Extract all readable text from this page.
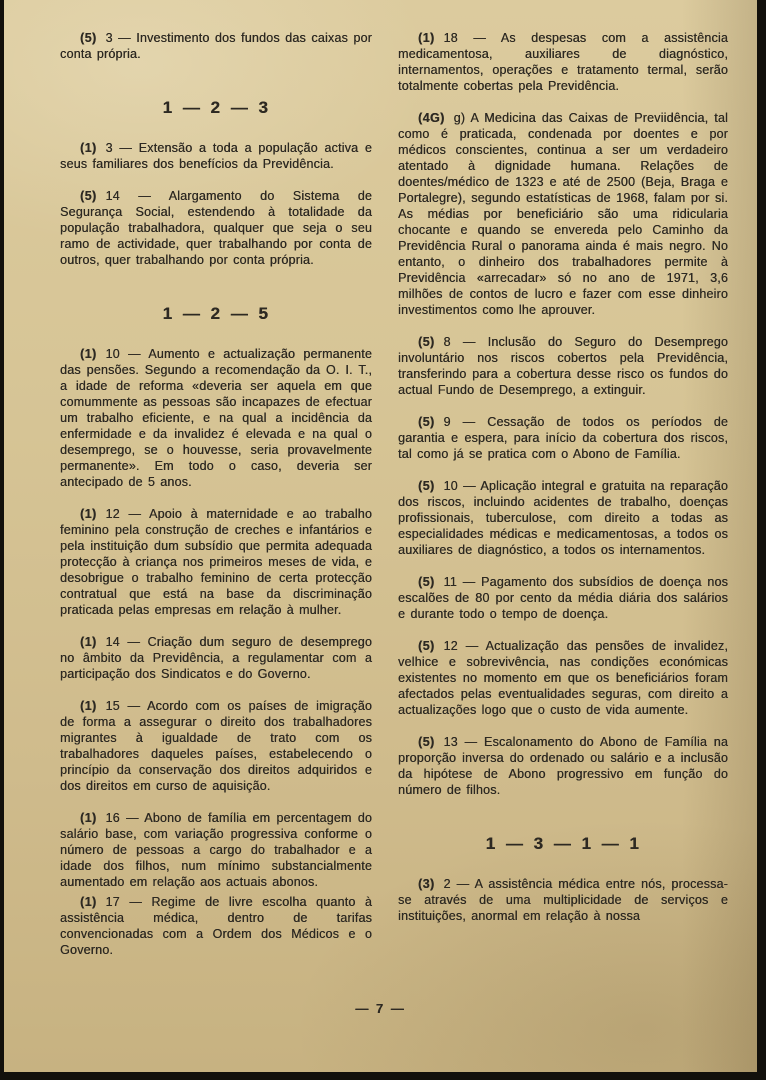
(5) 3 — Investimento dos fundos das caixas por conta própria.

1 — 2 — 3

(1) 3 — Extensão a toda a população activa e seus familiares dos benefícios da Previdência.

(5) 14 — Alargamento do Sistema de Segurança Social, estendendo à totalidade da população trabalhadora, qualquer que seja o seu ramo de actividade, quer trabalhando por conta de outros, quer trabalhando por conta própria.

1 — 2 — 5

(1) 10 — Aumento e actualização permanente das pensões. Segundo a recomendação da O. I. T., a idade de reforma «deveria ser aquela em que comummente as pessoas são incapazes de efectuar um trabalho eficiente, e na qual a incidência da enfermidade e da invalidez é elevada e na qual o desemprego, se o houvesse, seria provavelmente permanente». Em todo o caso, deveria ser antecipado de 5 anos.

(1) 12 — Apoio à maternidade e ao trabalho feminino pela construção de creches e infantários e pela instituição dum subsídio que permita adequada protecção à criança nos primeiros meses de vida, e desobrigue o trabalho feminino de certa protecção contratual que está na base da discriminação praticada pelas empresas em relação à mulher.

(1) 14 — Criação dum seguro de desemprego no âmbito da Previdência, a regulamentar com a participação dos Sindicatos e do Governo.

(1) 15 — Acordo com os países de imigração de forma a assegurar o direito dos trabalhadores migrantes à igualdade de trato com os trabalhadores daqueles países, estabelecendo o princípio da conservação dos direitos adquiridos e dos direitos em curso de aquisição.

(1) 16 — Abono de família em percentagem do salário base, com variação progressiva conforme o número de pessoas a cargo do trabalhador e a idade dos filhos, num mínimo substancialmente aumentado em relação aos actuais abonos.

(1) 17 — Regime de livre escolha quanto à assistência médica, dentro de tarifas convencionadas com a Ordem dos Médicos e o Governo.

(1) 18 — As despesas com a assistência medicamentosa, auxiliares de diagnóstico, internamentos, operações e tratamento termal, serão totalmente cobertas pela Previdência.

(4G) g) A Medicina das Caixas de Previidência, tal como é praticada, condenada por doentes e por médicos conscientes, continua a ser um verdadeiro atentado à dignidade humana. Relações de doentes/médico de 1323 e até de 2500 (Beja, Braga e Portalegre), segundo estatísticas de 1968, falam por si. As médias por beneficiário são uma ridicularia chocante e quando se envereda pelo Caminho da Previdência Rural o panorama ainda é mais negro. No entanto, o dinheiro dos trabalhadores permite à Previdência «arrecadar» só no ano de 1971, 3,6 milhões de contos de lucro e fazer com esse dinheiro investimentos como lhe aprouver.

(5) 8 — Inclusão do Seguro do Desemprego involuntário nos riscos cobertos pela Previdência, transferindo para a cobertura desse risco os fundos do actual Fundo de Desemprego, a extinguir.

(5) 9 — Cessação de todos os períodos de garantia e espera, para início da cobertura dos riscos, tal como já se pratica com o Abono de Família.

(5) 10 — Aplicação integral e gratuita na reparação dos riscos, incluindo acidentes de trabalho, doenças profissionais, tuberculose, com direito a todas as especialidades médicas e medicamentosas, a todos os auxiliares de diagnóstico, a todos os internamentos.

(5) 11 — Pagamento dos subsídios de doença nos escalões de 80 por cento da média diária dos salários e durante todo o tempo de doença.

(5) 12 — Actualização das pensões de invalidez, velhice e sobrevivência, nas condições económicas existentes no momento em que os beneficiários foram afectados pelas eventualidades seguras, com direito a actualizações logo que o custo de vida aumente.

(5) 13 — Escalonamento do Abono de Família na proporção inversa do ordenado ou salário e a inclusão da hipótese de Abono progressivo em função do número de filhos.

1 — 3 — 1 — 1

(3) 2 — A assistência médica entre nós, processa-se através de uma multiplicidade de serviços e instituições, anormal em relação à nossa

— 7 —
